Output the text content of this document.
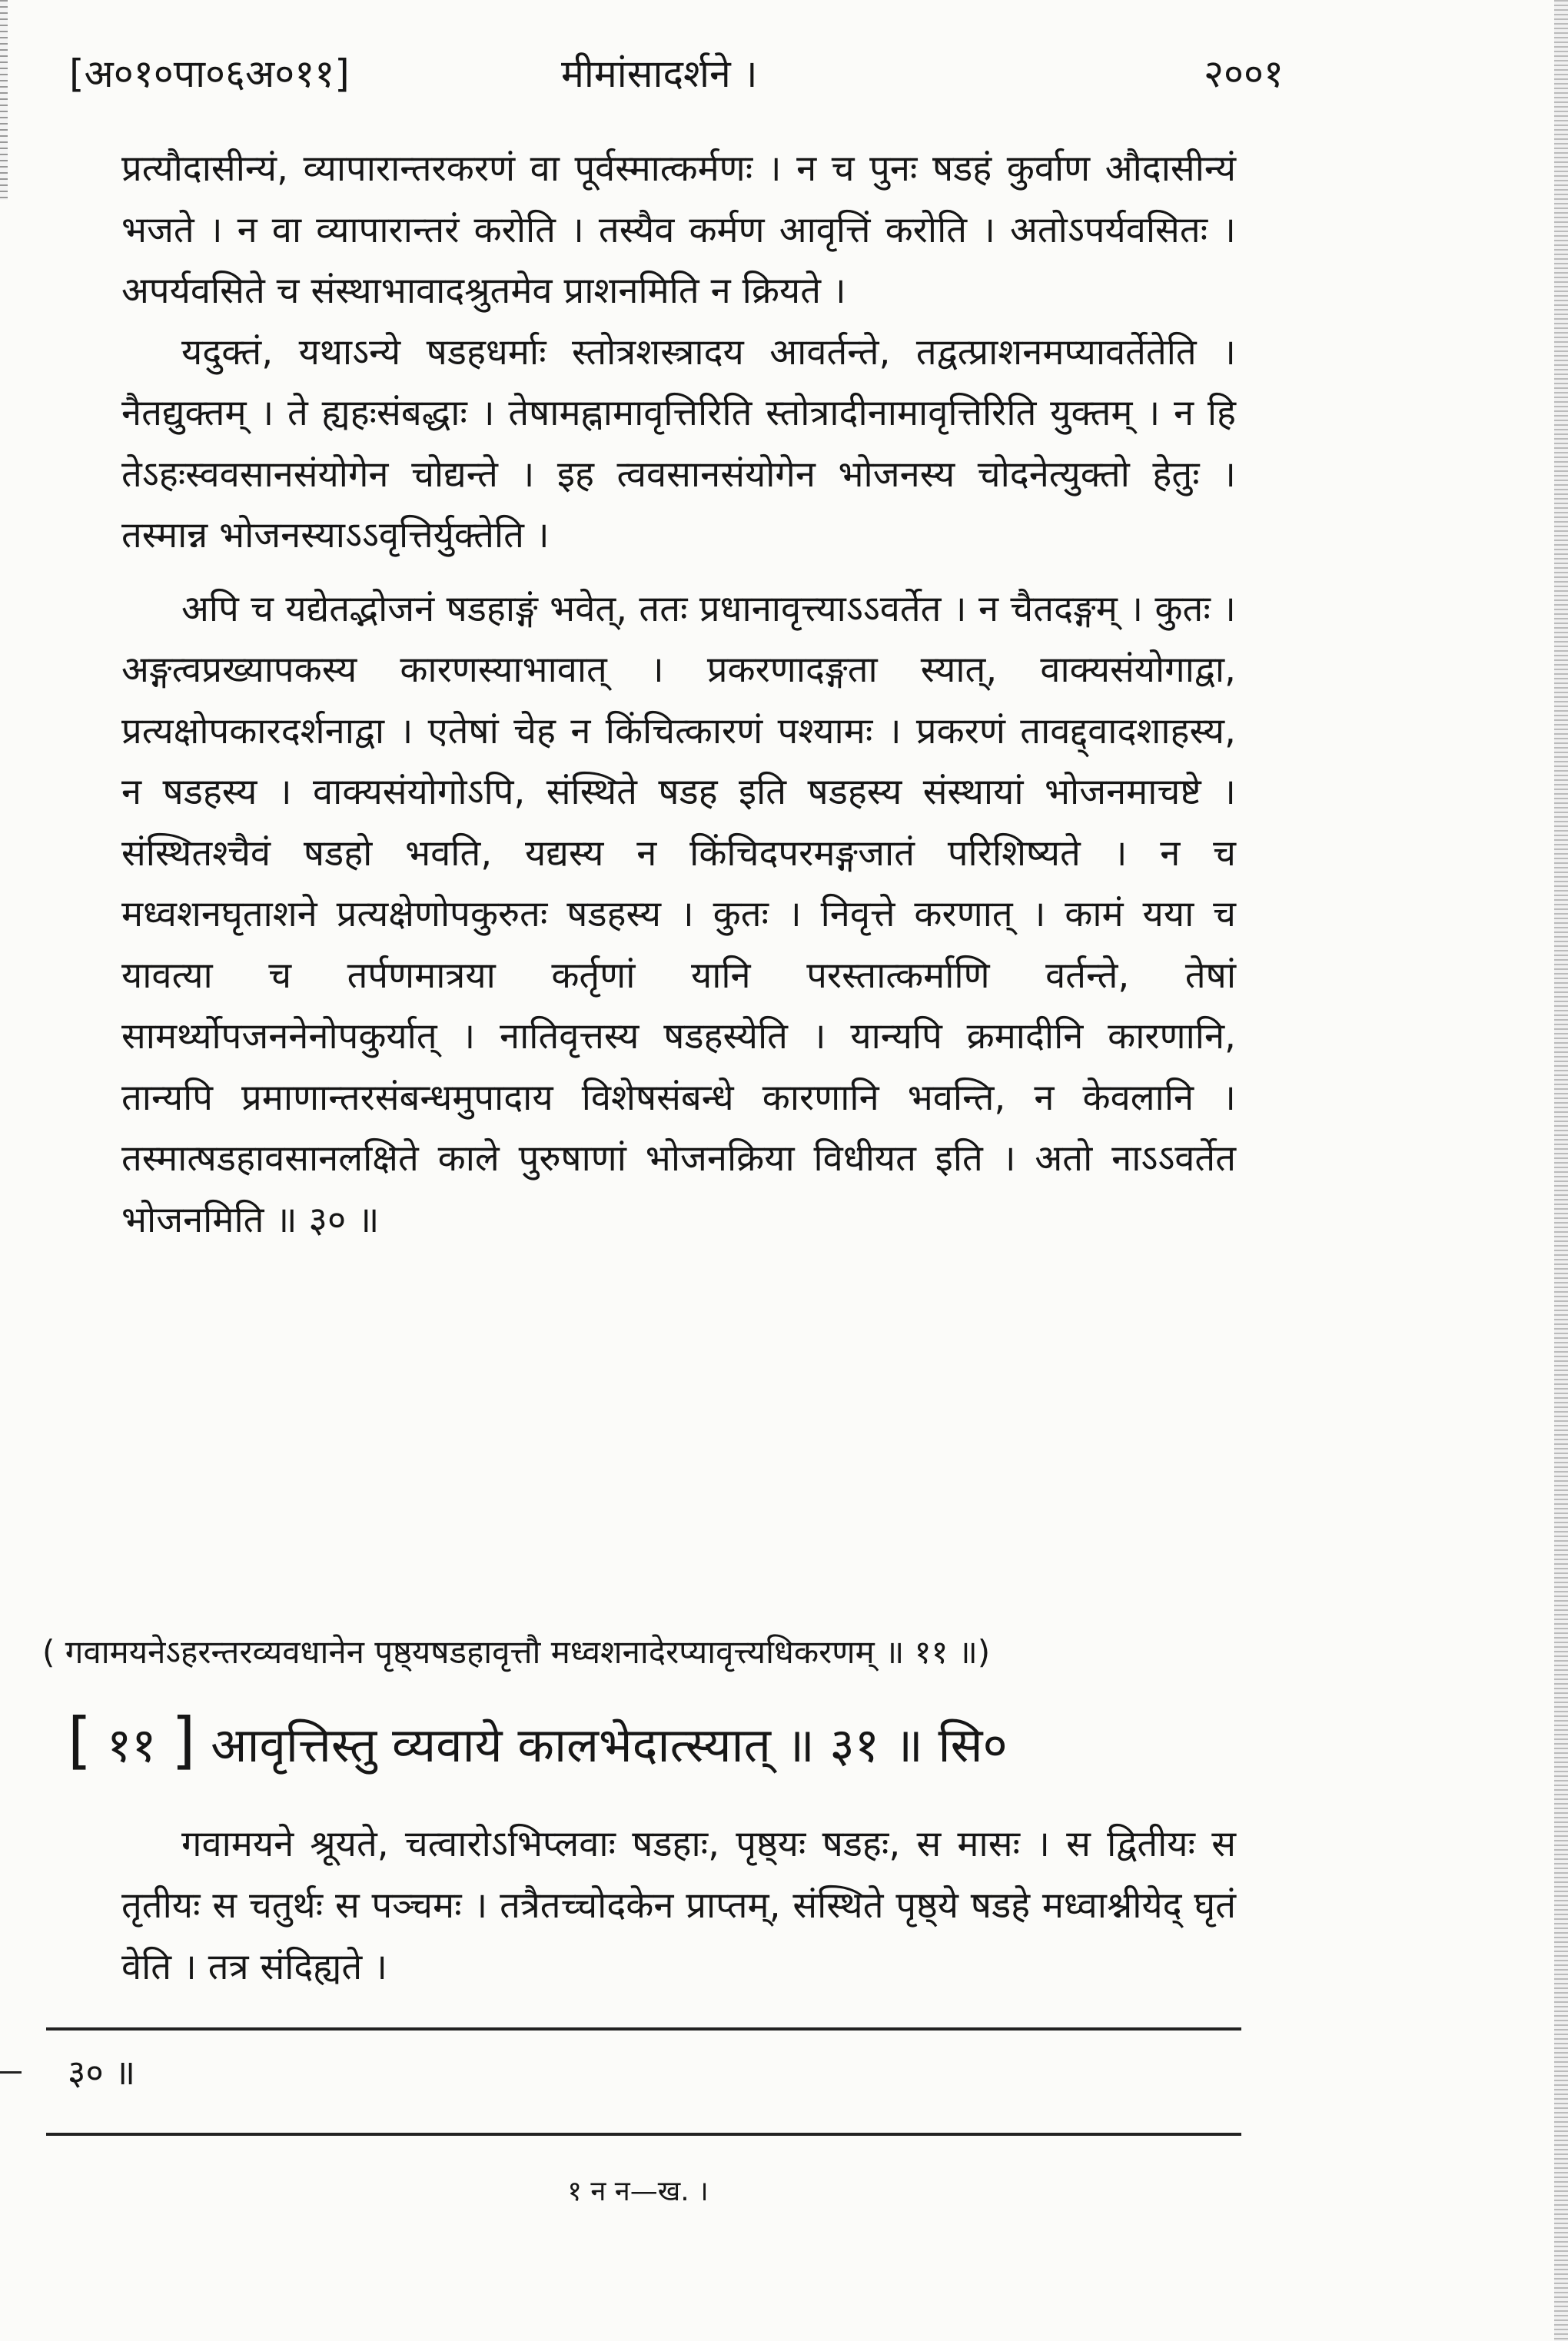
[अ०१०पा०६अ०११]	मीमांसादर्शने ।	२००१

प्रत्यौदासीन्यं, व्यापारान्तरकरणं वा पूर्वस्मात्कर्मणः । न च पुनः षडहं कुर्वाण औदासीन्यं भजते । न वा व्यापारान्तरं करोति । तस्यैव कर्मण आवृत्तिं करोति । अतोऽपर्यवसितः । अपर्यवसिते च संस्थाभावादश्रुतमेव प्राशनमिति न क्रियते ।

यदुक्तं, यथाऽन्ये षडहधर्माः स्तोत्रशस्त्रादय आवर्तन्ते, तद्वत्प्राशनमप्यावर्तेतेति । नैतद्युक्तम् । ते ह्यहःसंबद्धाः । तेषामह्नामावृत्तिरिति स्तोत्रादीनामावृत्तिरिति युक्तम् । न हि तेऽहःस्ववसानसंयोगेन चोद्यन्ते । इह त्ववसानसंयोगेन भोजनस्य चोदनेत्युक्तो हेतुः । तस्मान्न भोजनस्याऽऽवृत्तिर्युक्तेति ।

अपि च यद्येतद्भोजनं षडहाङ्गं भवेत्, ततः प्रधानावृत्त्याऽऽवर्तेत । न चैतदङ्गम् । कुतः । अङ्गत्वप्रख्यापकस्य कारणस्याभावात् । प्रकरणादङ्गता स्यात्, वाक्यसंयोगाद्वा, प्रत्यक्षोपकारदर्शनाद्वा । एतेषां चेह न किंचित्कारणं पश्यामः । प्रकरणं तावद्द्वादशाहस्य, न षडहस्य । वाक्यसंयोगोऽपि, संस्थिते षडह इति षडहस्य संस्थायां भोजनमाचष्टे । संस्थितश्चैवं षडहो भवति, यद्यस्य न किंचिदपरमङ्गजातं परिशिष्यते । न च मध्वशनघृताशने प्रत्यक्षेणोपकुरुतः षडहस्य । कुतः । निवृत्ते करणात् । कामं यया च यावत्या च तर्पणमात्रया कर्तृणां यानि परस्तात्कर्माणि वर्तन्ते, तेषां सामर्थ्योपजननेनोपकुर्यात् । नातिवृत्तस्य षडहस्येति । यान्यपि क्रमादीनि कारणानि, तान्यपि प्रमाणान्तरसंबन्धमुपादाय विशेषसंबन्धे कारणानि भवन्ति, न केवलानि । तस्मात्षडहावसानलक्षिते काले पुरुषाणां भोजनक्रिया विधीयत इति । अतो नाऽऽवर्तेत भोजनमिति ॥ ३० ॥

( गवामयनेऽहरन्तरव्यवधानेन पृष्ठ्यषडहावृत्तौ मध्वशनादेरप्यावृत्त्यधिकरणम् ॥ ११ ॥)
[ ११ ] आवृत्तिस्तु व्यवाये कालभेदात्स्यात् ॥ ३१ ॥ सि०

गवामयने श्रूयते, चत्वारोऽभिप्लवाः षडहाः, पृष्ठ्यः षडहः, स मासः । स द्वितीयः स तृतीयः स चतुर्थः स पञ्चमः । तत्रैतच्चोदकेन प्राप्तम्, संस्थिते पृष्ठ्ये षडहे मध्वाश्नीयेद् घृतं वेति । तत्र संदिह्यते ।

३० ॥
१ न न—ख. ।
